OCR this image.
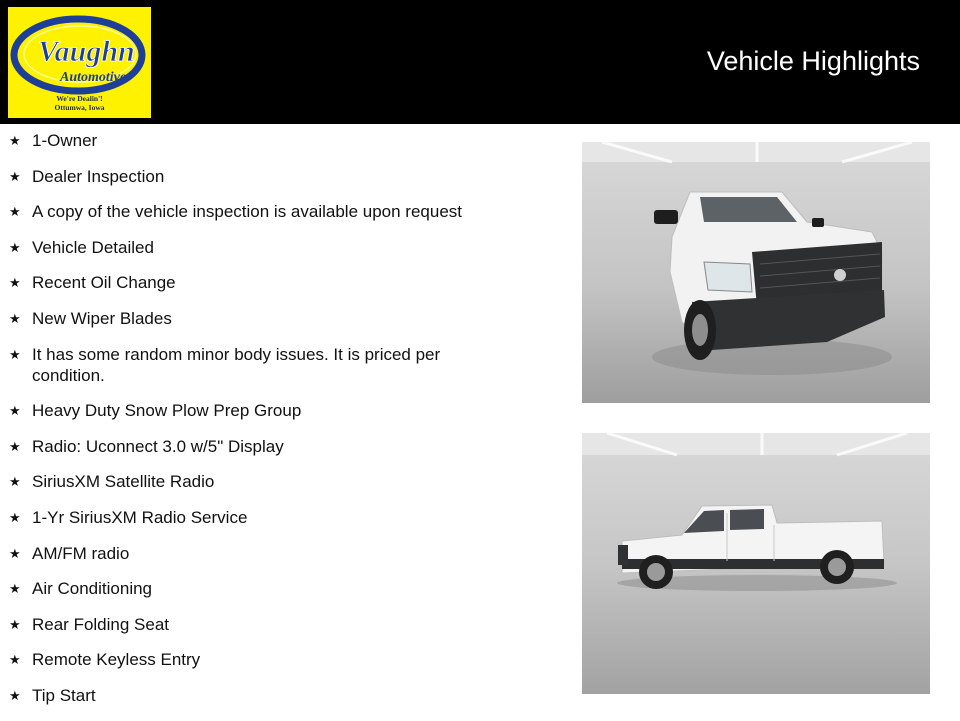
Vaughn
Automotive
We're Dealin'!
Ottumwa, Iowa
Vehicle Highlights
★ 1-Owner
★ Dealer Inspection
★ A copy of the vehicle inspection is available upon request
★ Vehicle Detailed
★ Recent Oil Change
★ New Wiper Blades
★ It has some random minor body issues. It is priced per condition.
★ Heavy Duty Snow Plow Prep Group
★ Radio: Uconnect 3.0 w/5" Display
★ SiriusXM Satellite Radio
★ 1-Yr SiriusXM Radio Service
★ AM/FM radio
★ Air Conditioning
★ Rear Folding Seat
★ Remote Keyless Entry
★ Tip Start
